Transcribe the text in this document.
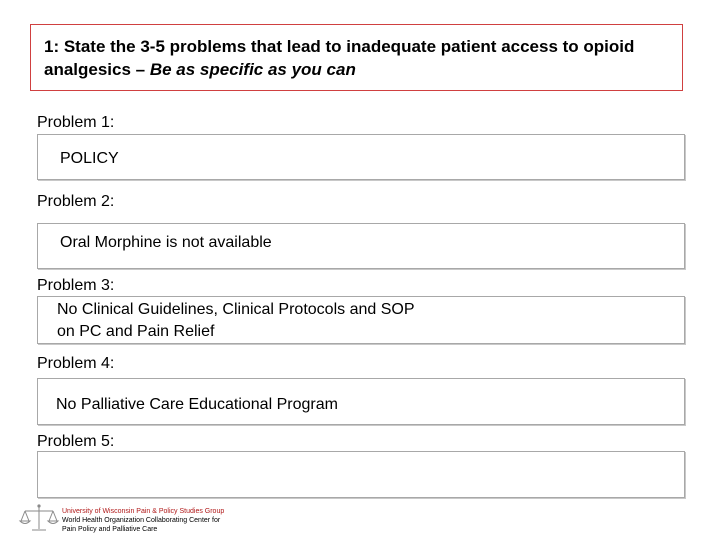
1: State the 3-5 problems that lead to inadequate patient access to opioid analgesics – Be as specific as you can
Problem 1:
POLICY
Problem 2:
Oral Morphine is not available
Problem 3:
No Clinical Guidelines, Clinical Protocols and SOP
on PC and Pain Relief
Problem 4:
No Palliative Care Educational Program
Problem 5:
University of Wisconsin Pain & Policy Studies Group
World Health Organization Collaborating Center for
Pain Policy and Palliative Care
